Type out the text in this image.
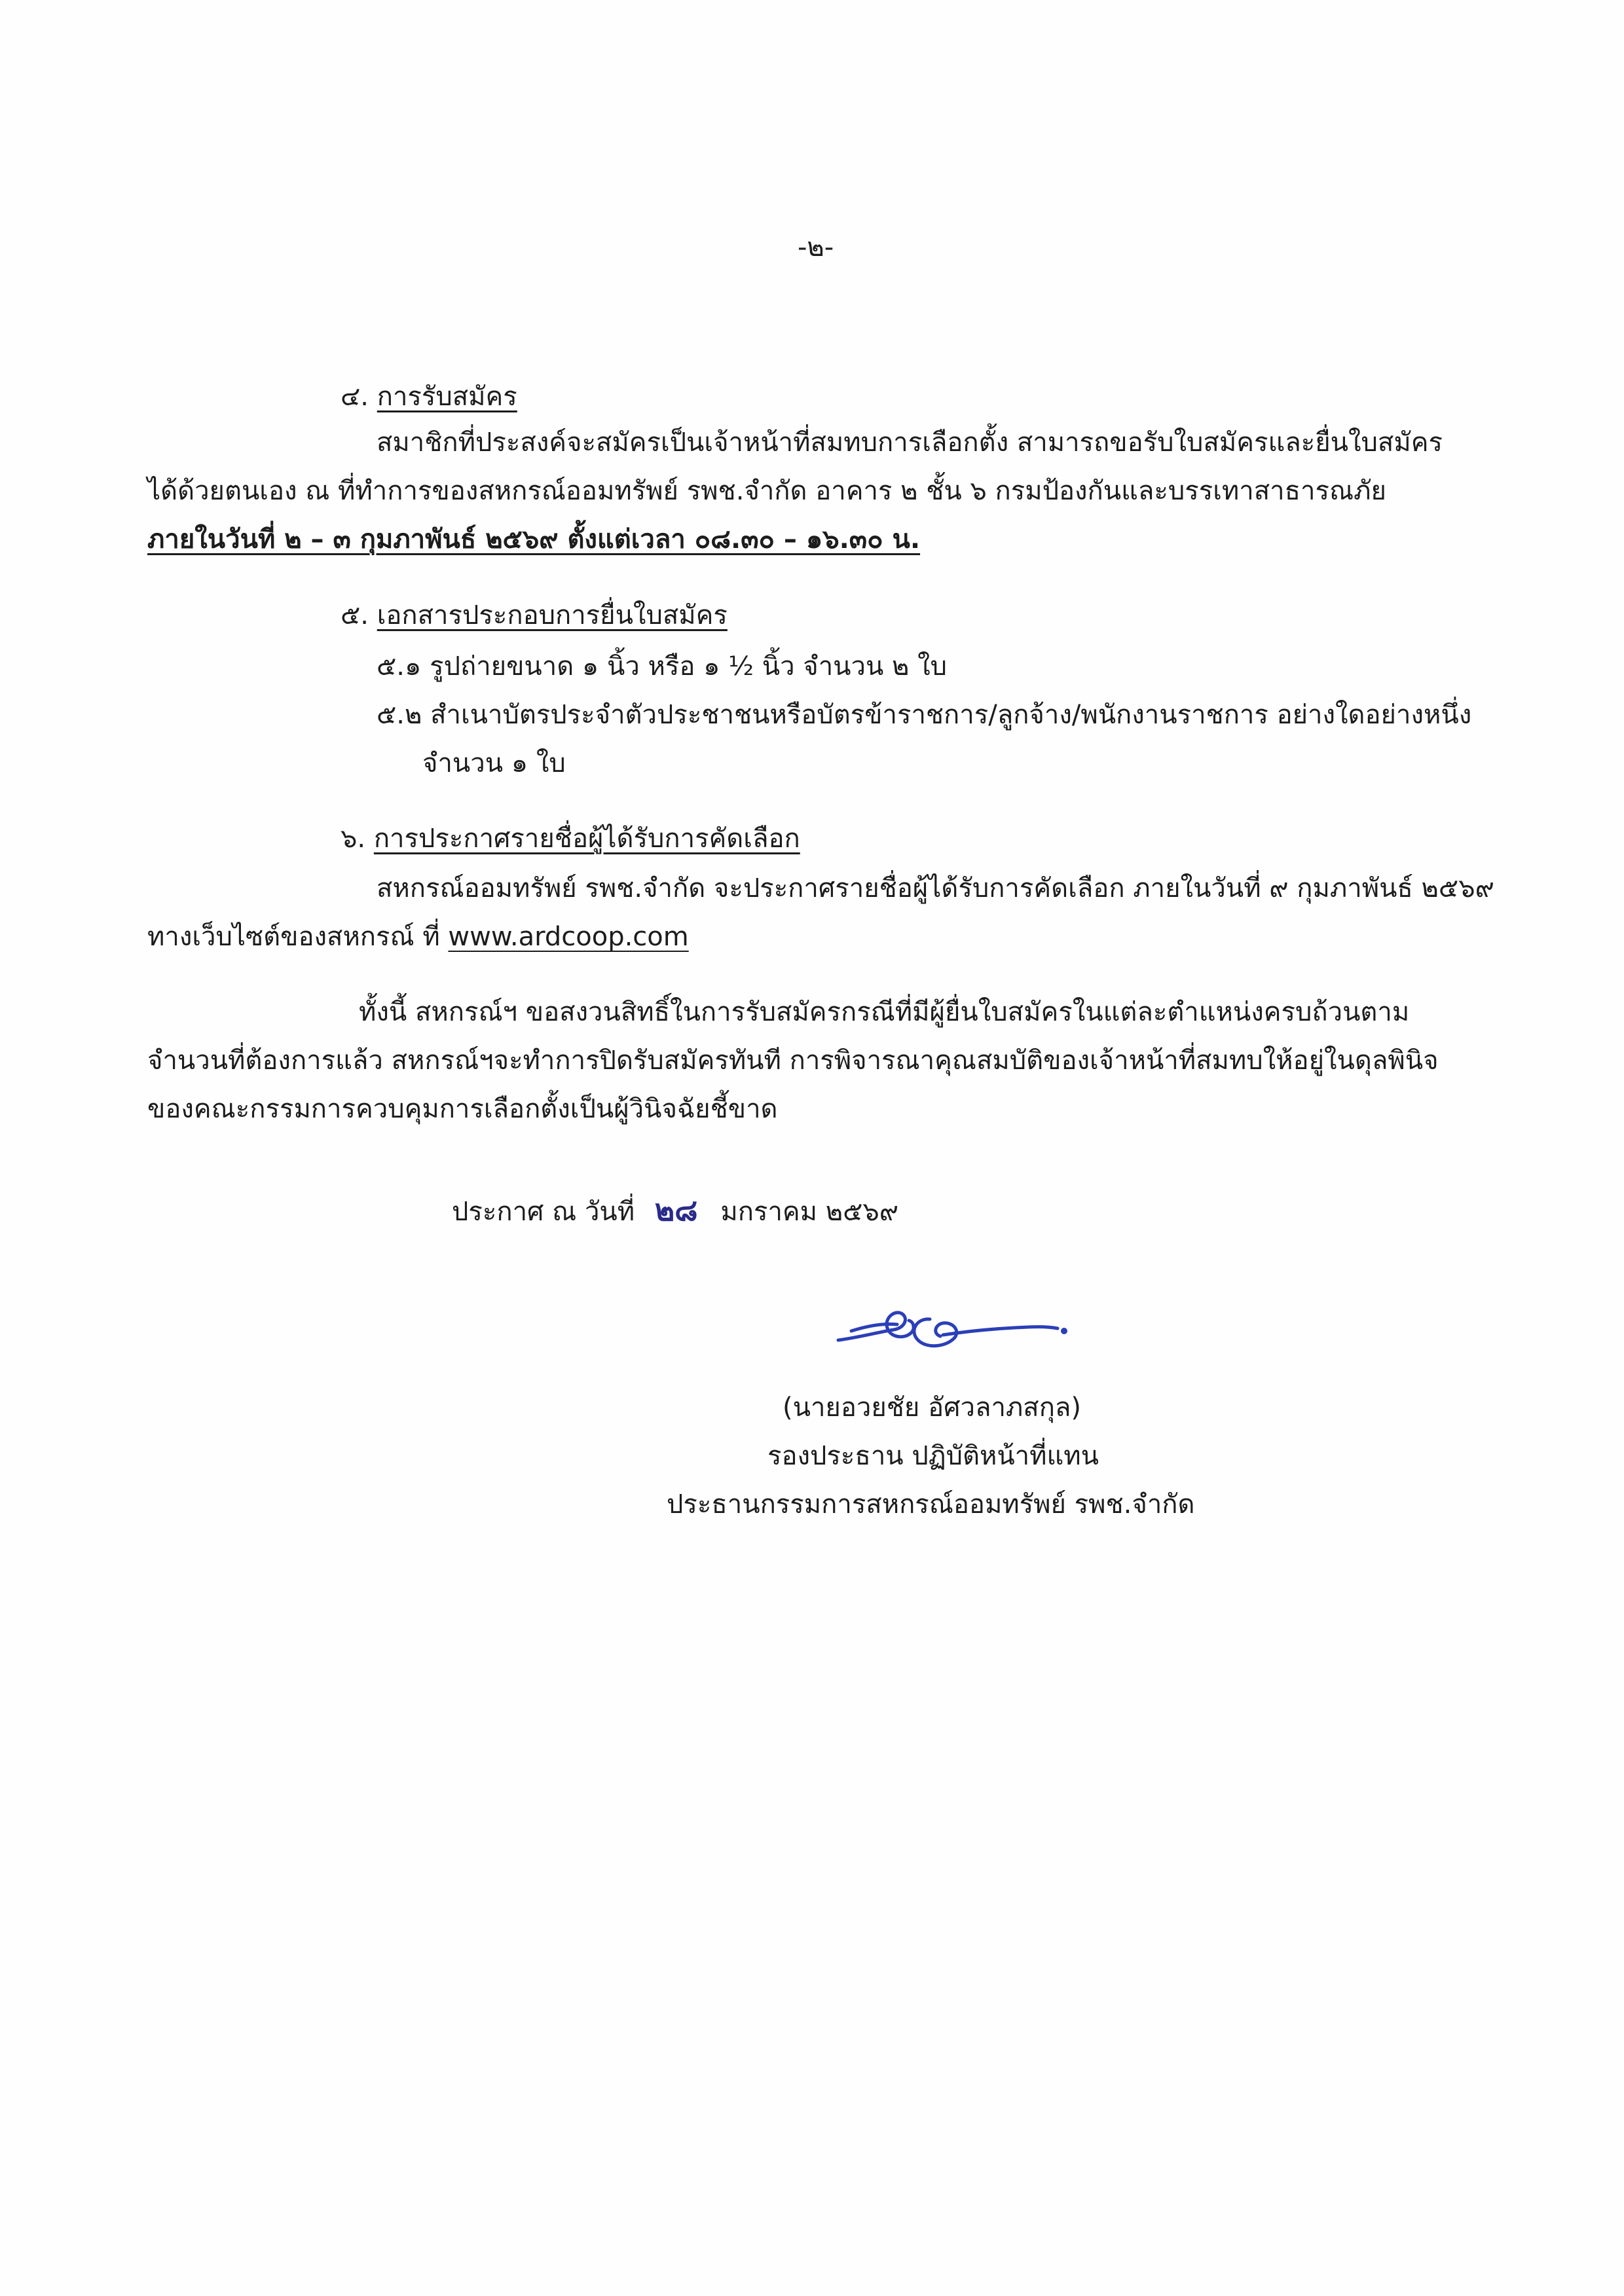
-๒-
๔. การรับสมัคร
สมาชิกที่ประสงค์จะสมัครเป็นเจ้าหน้าที่สมทบการเลือกตั้ง สามารถขอรับใบสมัครและยื่นใบสมัคร
ได้ด้วยตนเอง ณ ที่ทำการของสหกรณ์ออมทรัพย์ รพช.จำกัด อาคาร ๒ ชั้น ๖ กรมป้องกันและบรรเทาสาธารณภัย
ภายในวันที่ ๒ – ๓ กุมภาพันธ์ ๒๕๖๙ ตั้งแต่เวลา ๐๘.๓๐ – ๑๖.๓๐ น.
๕. เอกสารประกอบการยื่นใบสมัคร
๕.๑ รูปถ่ายขนาด ๑ นิ้ว หรือ ๑ ½ นิ้ว จำนวน ๒ ใบ
๕.๒ สำเนาบัตรประจำตัวประชาชนหรือบัตรข้าราชการ/ลูกจ้าง/พนักงานราชการ อย่างใดอย่างหนึ่ง
จำนวน ๑ ใบ
๖. การประกาศรายชื่อผู้ได้รับการคัดเลือก
สหกรณ์ออมทรัพย์ รพช.จำกัด จะประกาศรายชื่อผู้ได้รับการคัดเลือก ภายในวันที่ ๙ กุมภาพันธ์ ๒๕๖๙
ทางเว็บไซต์ของสหกรณ์ ที่ www.ardcoop.com
ทั้งนี้ สหกรณ์ฯ ขอสงวนสิทธิ์ในการรับสมัครกรณีที่มีผู้ยื่นใบสมัครในแต่ละตำแหน่งครบถ้วนตาม
จำนวนที่ต้องการแล้ว สหกรณ์ฯจะทำการปิดรับสมัครทันที การพิจารณาคุณสมบัติของเจ้าหน้าที่สมทบให้อยู่ในดุลพินิจ
ของคณะกรรมการควบคุมการเลือกตั้งเป็นผู้วินิจฉัยชี้ขาด
ประกาศ ณ วันที่ ๒๘ มกราคม ๒๕๖๙
(นายอวยชัย อัศวลาภสกุล)
รองประธาน ปฏิบัติหน้าที่แทน
ประธานกรรมการสหกรณ์ออมทรัพย์ รพช.จำกัด
